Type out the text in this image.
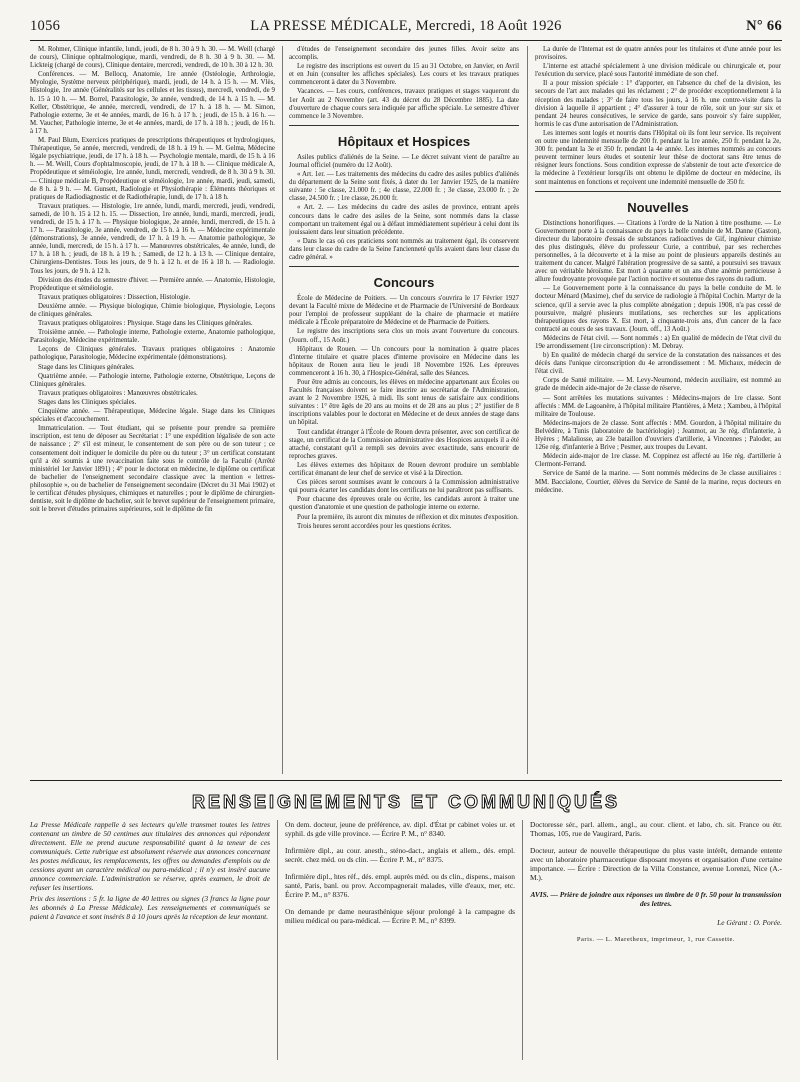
1056	LA PRESSE MÉDICALE, Mercredi, 18 Août 1926	N° 66

M. Rohmer, Clinique infantile, lundi, jeudi, de 8 h. 30 à 9 h. 30. — M. Weill (chargé de cours), Clinique ophtalmologique, mardi, vendredi, de 8 h. 30 à 9 h. 30. — M. Lickteig (chargé de cours), Clinique dentaire, mercredi, vendredi, de 10 h. 30 à 12 h. 30.

Conférences. — M. Bellocq, Anatomie, 1re année (Ostéologie, Arthrologie, Myologie, Système nerveux périphérique), mardi, jeudi, de 14 h. à 15 h. — M. Vlès, Histologie, 1re année (Généralités sur les cellules et les tissus), mercredi, vendredi, de 9 h. 15 à 10 h. — M. Borrel, Parasitologie, 3e année, vendredi, de 14 h. à 15 h. — M. Keller, Obstétrique, 4e année, mercredi, vendredi, de 17 h. à 18 h. — M. Simon, Pathologie externe, 3e et 4e années, mardi, de 16 h. à 17 h. ; jeudi, de 15 h. à 16 h. — M. Vaucher, Pathologie interne, 3e et 4e années, mardi, de 17 h. à 18 h. ; jeudi, de 16 h. à 17 h.

M. Paul Blum, Exercices pratiques de prescriptions thérapeutiques et hydrologiques, Thérapeutique, 5e année, mercredi, vendredi, de 18 h. à 19 h. — M. Gelma, Médecine légale psychiatrique, jeudi, de 17 h. à 18 h. — Psychologie mentale, mardi, de 15 h. à 16 h. — M. Weill, Cours d'ophtalmoscopie, jeudi, de 17 h. à 18 h. — Clinique médicale A, Propédeutique et séméiologie, 1re année, lundi, mercredi, vendredi, de 8 h. 30 à 9 h. 30. — Clinique médicale B, Propédeutique et séméiologie, 1re année, mardi, jeudi, samedi, de 8 h. à 9 h. — M. Gunsett, Radiologie et Physiothérapie : Éléments théoriques et pratiques de Radiodiagnostic et de Radiothérapie, lundi, de 17 h. à 18 h.

Travaux pratiques. — Histologie, 1re année, lundi, mardi, mercredi, jeudi, vendredi, samedi, de 10 h. 15 à 12 h. 15. — Dissection, 1re année, lundi, mardi, mercredi, jeudi, vendredi, de 15 h. à 17 h. — Physique biologique, 2e année, lundi, mercredi, de 15 h. à 17 h. — Parasitologie, 3e année, vendredi, de 15 h. à 16 h. — Médecine expérimentale (démonstrations), 3e année, vendredi, de 17 h. à 19 h. — Anatomie pathologique, 3e année, lundi, mercredi, de 15 h. à 17 h. — Manœuvres obstétricales, 4e année, lundi, de 17 h. à 18 h. ; jeudi, de 18 h. à 19 h. ; Samedi, de 12 h. à 13 h. — Clinique dentaire, Chirurgiens-Dentistes. Tous les jours, de 9 h. à 12 h. et de 16 à 18 h. — Radiologie. Tous les jours, de 9 h. à 12 h.

Division des études du semestre d'hiver. — Première année. — Anatomie, Histologie, Propédeutique et séméiologie.

Travaux pratiques obligatoires : Dissection, Histologie.

Deuxième année. — Physique biologique, Chimie biologique, Physiologie, Leçons de cliniques générales.

Travaux pratiques obligatoires : Physique. Stage dans les Cliniques générales.

Troisième année. — Pathologie interne, Pathologie externe, Anatomie pathologique, Parasitologie, Médecine expérimentale.

Leçons de Cliniques générales. Travaux pratiques obligatoires : Anatomie pathologique, Parasitologie, Médecine expérimentale (démonstrations).

Stage dans les Cliniques générales.

Quatrième année. — Pathologie interne, Pathologie externe, Obstétrique, Leçons de Cliniques générales.

Travaux pratiques obligatoires : Manœuvres obstétricales.

Stages dans les Cliniques spéciales.

Cinquième année. — Thérapeutique, Médecine légale. Stage dans les Cliniques spéciales et d'accouchement.

Immatriculation. — Tout étudiant, qui se présente pour prendre sa première inscription, est tenu de déposer au Secrétariat : 1° une expédition légalisée de son acte de naissance ; 2° s'il est mineur, le consentement de son père ou de son tuteur ; ce consentement doit indiquer le domicile du père ou du tuteur ; 3° un certificat constatant qu'il a été soumis à une revaccination faite sous le contrôle de la Faculté (Arrêté ministériel 1er Janvier 1891) ; 4° pour le doctorat en médecine, le diplôme ou certificat de bachelier de l'enseignement secondaire classique avec la mention « lettres-philosophie », ou de bachelier de l'enseignement secondaire (Décret du 31 Mai 1902) et le certificat d'études physiques, chimiques et naturelles ; pour le diplôme de chirurgien-dentiste, soit le diplôme de bachelier, soit le brevet supérieur de l'enseignement primaire, soit le brevet d'études primaires supérieures, soit le diplôme de fin

d'études de l'enseignement secondaire des jeunes filles. Avoir seize ans accomplis.

Le registre des inscriptions est ouvert du 15 au 31 Octobre, en Janvier, en Avril et en Juin (consulter les affiches spéciales). Les cours et les travaux pratiques commenceront à dater du 3 Novembre.

Vacances. — Les cours, conférences, travaux pratiques et stages vaqueront du 1er Août au 2 Novembre (art. 43 du décret du 28 Décembre 1885). La date d'ouverture de chaque cours sera indiquée par affiche spéciale. Le semestre d'hiver commence le 3 Novembre.

Hôpitaux et Hospices

Asiles publics d'aliénés de la Seine. — Le décret suivant vient de paraître au Journal officiel (numéro du 12 Août).

« Art. 1er. — Les traitements des médecins du cadre des asiles publics d'aliénés du département de la Seine sont fixés, à dater du 1er Janvier 1925, de la manière suivante : 5e classe, 21.000 fr. ; 4e classe, 22.000 fr. ; 3e classe, 23.000 fr. ; 2e classe, 24.500 fr. ; 1re classe, 26.000 fr.

« Art. 2. — Les médecins du cadre des asiles de province, entrant après concours dans le cadre des asiles de la Seine, sont nommés dans la classe comportant un traitement égal ou à défaut immédiatement supérieur à celui dont ils jouissaient dans leur situation précédente.

« Dans le cas où ces praticiens sont nommés au traitement égal, ils conservent dans leur classe du cadre de la Seine l'ancienneté qu'ils avaient dans leur classe du cadre général. »

Concours

École de Médecine de Poitiers. — Un concours s'ouvrira le 17 Février 1927 devant la Faculté mixte de Médecine et de Pharmacie de l'Université de Bordeaux pour l'emploi de professeur suppléant de la chaire de pharmacie et matière médicale à l'École préparatoire de Médecine et de Pharmacie de Poitiers.

Le registre des inscriptions sera clos un mois avant l'ouverture du concours. (Journ. off., 15 Août.)

Hôpitaux de Rouen. — Un concours pour la nomination à quatre places d'interne titulaire et quatre places d'interne provisoire en Médecine dans les hôpitaux de Rouen aura lieu le jeudi 18 Novembre 1926. Les épreuves commenceront à 16 h. 30, à l'Hospice-Général, salle des Séances.

Pour être admis au concours, les élèves en médecine appartenant aux Écoles ou Facultés françaises doivent se faire inscrire au secrétariat de l'Administration, avant le 2 Novembre 1926, à midi. Ils sont tenus de satisfaire aux conditions suivantes : 1° être âgés de 20 ans au moins et de 28 ans au plus ; 2° justifier de 8 inscriptions valables pour le doctorat en Médecine et de deux années de stage dans un hôpital.

Tout candidat étranger à l'École de Rouen devra présenter, avec son certificat de stage, un certificat de la Commission administrative des Hospices auxquels il a été attaché, constatant qu'il a rempli ses devoirs avec exactitude, sans encourir de reproches graves.

Les élèves externes des hôpitaux de Rouen devront produire un semblable certificat émanant de leur chef de service et visé à la Direction.

Ces pièces seront soumises avant le concours à la Commission administrative qui pourra écarter les candidats dont les certificats ne lui paraîtront pas suffisants.

Pour chacune des épreuves orale ou écrite, les candidats auront à traiter une question d'anatomie et une question de pathologie interne ou externe.

Pour la première, ils auront dix minutes de réflexion et dix minutes d'exposition.

Trois heures seront accordées pour les questions écrites.

La durée de l'Internat est de quatre années pour les titulaires et d'une année pour les provisoires.

L'interne est attaché spécialement à une division médicale ou chirurgicale et, pour l'exécution du service, placé sous l'autorité immédiate de son chef.

Il a pour mission spéciale : 1° d'apporter, en l'absence du chef de la division, les secours de l'art aux malades qui les réclament ; 2° de procéder exceptionnellement à la réception des malades ; 3° de faire tous les jours, à 16 h. une contre-visite dans la division à laquelle il appartient ; 4° d'assurer à tour de rôle, soit un jour sur six et pendant 24 heures consécutives, le service de garde, sans pouvoir s'y faire suppléer, hormis le cas d'une autorisation de l'Administration.

Les internes sont logés et nourris dans l'Hôpital où ils font leur service. Ils reçoivent en outre une indemnité mensuelle de 200 fr. pendant la 1re année, 250 fr. pendant la 2e, 300 fr. pendant la 3e et 350 fr. pendant la 4e année. Les internes nommés au concours peuvent terminer leurs études et soutenir leur thèse de doctorat sans être tenus de résigner leurs fonctions. Sous condition expresse de s'abstenir de tout acte d'exercice de la médecine à l'extérieur lorsqu'ils ont obtenu le diplôme de docteur en médecine, ils sont maintenus en fonctions et reçoivent une indemnité mensuelle de 350 fr.

Nouvelles

Distinctions honorifiques. — Citations à l'ordre de la Nation à titre posthume. — Le Gouvernement porte à la connaissance du pays la belle conduite de M. Danne (Gaston), directeur du laboratoire d'essais de substances radioactives de Gif, ingénieur chimiste des plus distingués, élève du professeur Curie, a contribué, par ses recherches personnelles, à la découverte et à la mise au point de plusieurs appareils destinés au traitement du cancer. Malgré l'altération progressive de sa santé, a poursuivi ses travaux avec un véritable héroïsme. Est mort à quarante et un ans d'une anémie pernicieuse à allure foudroyante provoquée par l'action noctive et soutenue des rayons du radium.

— Le Gouvernement porte à la connaissance du pays la belle conduite de M. le docteur Ménard (Maxime), chef du service de radiologie à l'hôpital Cochin. Martyr de la science, qu'il a servie avec la plus complète abnégation ; depuis 1908, n'a pas cessé de poursuivre, malgré plusieurs mutilations, ses recherches sur les applications thérapeutiques des rayons X. Est mort, à cinquante-trois ans, d'un cancer de la face contracté au cours de ses travaux. (Journ. off., 13 Août.)

Médecins de l'état civil. — Sont nommés : a) En qualité de médecin de l'état civil du 19e arrondissement (1re circonscription) : M. Debray.

b) En qualité de médecin chargé du service de la constatation des naissances et des décès dans l'unique circonscription du 4e arrondissement : M. Michaux, médecin de l'état civil.

Corps de Santé militaire. — M. Levy-Neumond, médecin auxiliaire, est nommé au grade de médecin aide-major de 2e classe de réserve.

— Sont arrêtées les mutations suivantes : Médecins-majors de 1re classe. Sont affectés : MM. de Lagoanère, à l'hôpital militaire Plantières, à Metz ; Xambeu, à l'hôpital militaire de Toulouse.

Médecins-majors de 2e classe. Sont affectés : MM. Gourdon, à l'hôpital militaire du Belvédère, à Tunis (laboratoire de bactériologie) ; Jeanmot, au 3e rég. d'infanterie, à Hyères ; Malaliosse, au 23e bataillon d'ouvriers d'artillerie, à Vincennes ; Paloder, au 126e rég. d'infanterie à Brive ; Pesmer, aux troupes du Levant.

Médecin aide-major de 1re classe. M. Coppinez est affecté au 16e rég. d'artillerie à Clermont-Ferrand.

Service de Santé de la marine. — Sont nommés médecins de 3e classe auxiliaires : MM. Baccialone, Courtier, élèves du Service de Santé de la marine, reçus docteurs en médecine.

RENSEIGNEMENTS ET COMMUNIQUÉS

La Presse Médicale rappelle à ses lecteurs qu'elle transmet toutes les lettres contenant un timbre de 50 centimes aux titulaires des annonces qui répondent directement. Elle ne prend aucune responsabilité quant à la teneur de ces communiqués. Cette rubrique est absolument réservée aux annonces concernant les postes médicaux, les remplacements, les offres ou demandes d'emplois ou de cessions ayant un caractère médical ou para-médical ; il n'y est inséré aucune annonce commerciale. L'administration se réserve, après examen, le droit de refuser les insertions.

Prix des insertions : 5 fr. la ligne de 40 lettres ou signes (3 francs la ligne pour les abonnés à La Presse Médicale). Les renseignements et communiqués se paient à l'avance et sont insérés 8 à 10 jours après la réception de leur montant.

On dem. docteur, jeune de préférence, av. dipl. d'État pr cabinet voies ur. et syphil. ds gde ville province. — Écrire P. M., n° 8340.

Infirmière dipl., au cour. anesth., sténo-dact., anglais et allem., dés. empl. secrét. chez méd. ou ds clin. — Écrire P. M., n° 8375.

Infirmière dipl., htes réf., dés. empl. auprès méd. ou ds clin., dispens., maison santé, Paris, banl. ou prov. Accompagnerait malades, ville d'eaux, mer, etc. Écrire P. M., n° 8376.

On demande pr dame neurasthénique séjour prolongé à la campagne ds milieu médical ou para-médical. — Écrire P. M., n° 8399.

Doctoresse sér., parl. allem., angl., au cour. client. et labo, ch. sit. France ou étr. Thomas, 105, rue de Vaugirard, Paris.

Docteur, auteur de nouvelle thérapeutique du plus vaste intérêt, demande entente avec un laboratoire pharmaceutique disposant moyens et organisation d'une certaine importance. — Écrire : Direction de la Villa Constance, avenue Lorenzi, Nice (A.-M.).

AVIS. — Prière de joindre aux réponses un timbre de 0 fr. 50 pour la transmission des lettres.
Le Gérant : O. Porée.
Paris. — L. Maretheux, imprimeur, 1, rue Cassette.
